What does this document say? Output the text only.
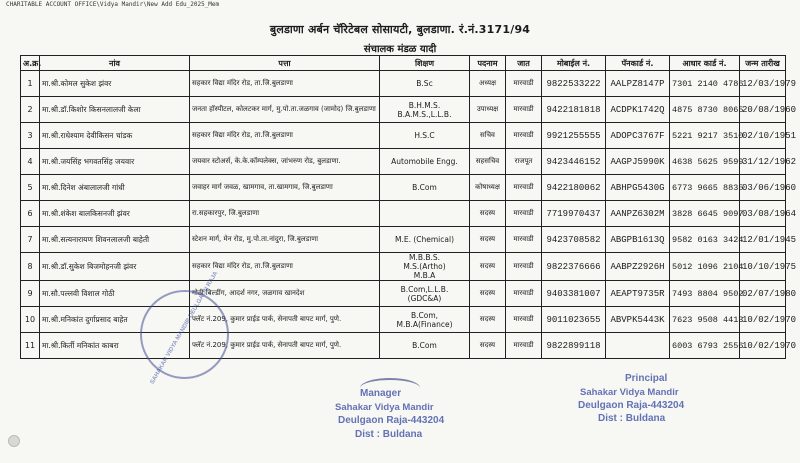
CHARITABLE ACCOUNT OFFICE\Vidya Mandir\New Add Edu_2025_Mem
बुलडाणा अर्बन चॅरिटेबल सोसायटी, बुलडाणा. रं.नं.3171/94
संचालक मंडळ यादी
अ.क्र.	नांव	पत्ता	शिक्षण	पदनाम	जात	मोबाईल नं.	पॅनकार्ड नं.	आधार कार्ड नं.	जन्म तारीख
1	मा.श्री.कोमल सुकेश झंवर	सहकार विद्या मंदिर रोड, ता.जि.बुलडाणा	B.Sc	अध्यक्ष	मारवाडी	9822533222	AALPZ8147P	7301 2140 4786	12/03/1979
2	मा.श्री.डॉ.किशोर किसनलालजी केला	जनता हॉस्पीटल, कोलटकर मार्ग, मु.पो.ता.जळगाव (जामोद) जि.बुलडाणा	B.H.M.S.
B.A.M.S.,L.L.B.	उपाध्यक्ष	मारवाडी	9422181818	ACDPK1742Q	4875 8730 8065	20/08/1960
3	मा.श्री.राधेश्याम देवीकिसन चांडक	सहकार विद्या मंदिर रोड, ता.जि.बुलडाणा	H.S.C	सचिव	मारवाडी	9921255555	ADOPC3767F	5221 9217 3510	02/10/1951
4	मा.श्री.जयसिंह भगवतसिंह जयवार	जयवार स्टोअर्स, के.के.कॉम्पलेक्स, जांभरुण रोड, बुलडाणा.	Automobile Engg.	सहसचिव	राजपूत	9423446152	AAGPJ5990K	4638 5625 9599	31/12/1962
5	मा.श्री.दिनेश अंबालालजी गांधी	जवाहर मार्ग जवळ, खामगाव, ता.खामगाव, जि.बुलडाणा	B.Com	कोषाध्यक्ष	मारवाडी	9422180062	ABHPG5430G	6773 9665 8835	03/06/1960
6	मा.श्री.शंकेश बालकिसनजी झंवर	रा.सहकारपुर, जि.बुलडाणा		सदस्य	मारवाडी	7719970437	AANPZ6302M	3828 6645 9097	03/08/1964
7	मा.श्री.सत्यनारायण शिवनलालजी बाहेती	स्टेशन मार्ग, मेन रोड, मु.पो.ता.नांदुरा, जि.बुलडाणा	M.E. (Chemical)	सदस्य	मारवाडी	9423708582	ABGPB1613Q	9582 0163 3424	12/01/1945
8	मा.श्री.डॉ.सुकेश बिजमोहनजी झंवर	सहकार विद्या मंदिर रोड, ता.जि.बुलडाणा	M.B.B.S.
M.S.(Artho)
M.B.A	सदस्य	मारवाडी	9822376666	AABPZ2926H	5012 1096 2104	10/10/1975
9	मा.सौ.पल्लवी विशाल गोठी	गोठी बिल्डींग, आदर्श नगर, जळगाव खानदेश	B.Com,L.L.B.
(GDC&A)	सदस्य	मारवाडी	9403381007	AEAPT9735R	7493 8804 9502	02/07/1980
10	मा.श्री.मनिकांत दुर्गाप्रसाद बाहेत	फ्लॅट नं.209, कुमार प्राईड पार्क, सेनापती बापट मार्ग, पुणे.	B.Com,
M.B.A(Finance)	सदस्य	मारवाडी	9011023655	ABVPK5443K	7623 9508 4413	10/02/1970
11	मा.श्री.किर्ती मनिकांत काबरा	फ्लॅट नं.209, कुमार प्राईड पार्क, सेनापती बापट मार्ग, पुणे.	B.Com	सदस्य	मारवाडी	9822899118		6003 6793 2556	10/02/1970
SAHAKAR VIDYA MANDIR DEULGAON RAJA
Manager
Sahakar Vidya Mandir
Deulgaon Raja-443204
Dist : Buldana
Principal
Sahakar Vidya Mandir
Deulgaon Raja-443204
Dist : Buldana
